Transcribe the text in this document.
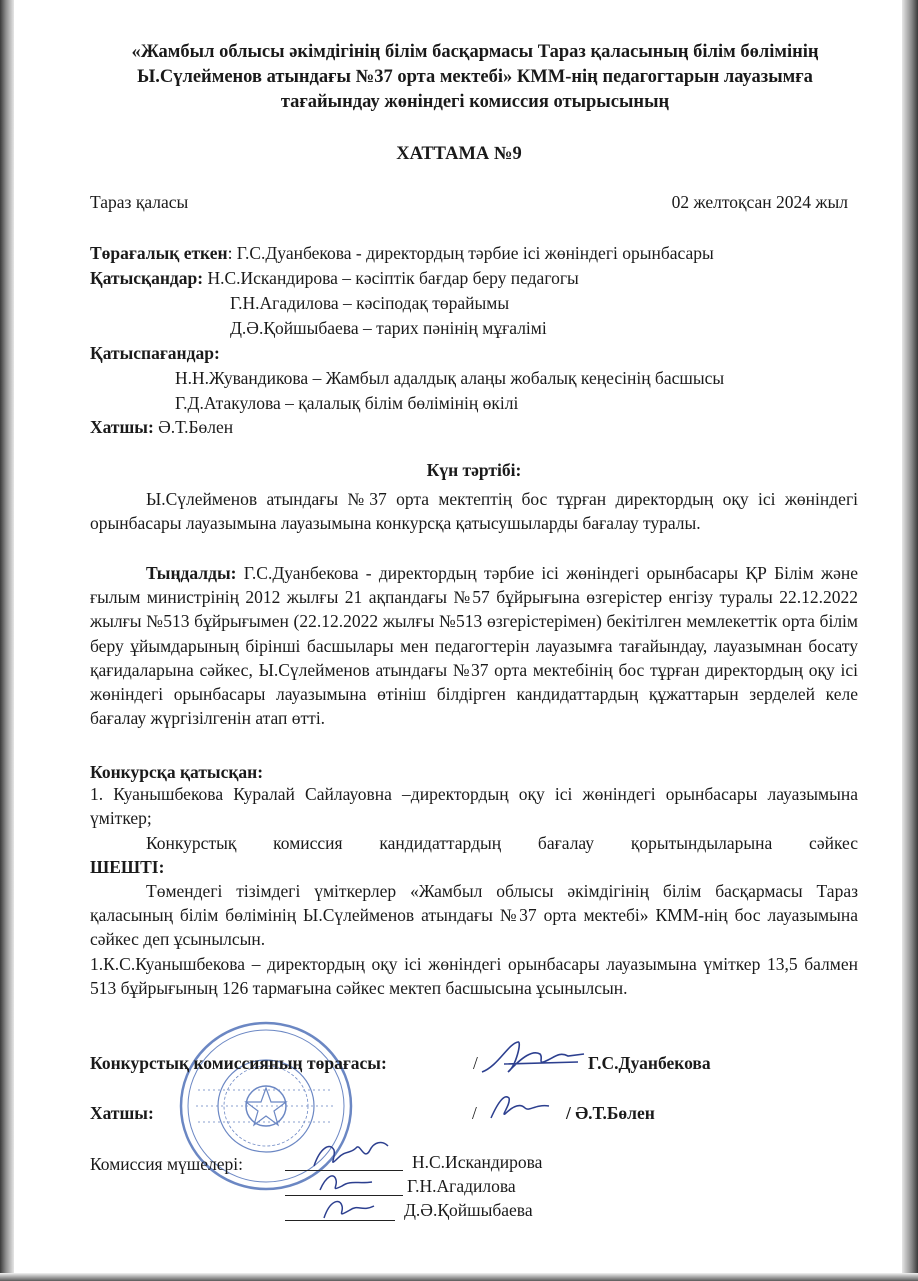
«Жамбыл облысы әкімдігінің білім басқармасы Тараз қаласының білім бөлімінің Ы.Сүлейменов атындағы №37 орта мектебі» КММ-нің педагогтарын лауазымға тағайындау жөніндегі комиссия отырысының

ХАТТАМА №9

Тараз қаласы	02 желтоқсан 2024 жыл

Төрағалық еткен: Г.С.Дуанбекова - директордың тәрбие ісі жөніндегі орынбасары

Қатысқандар: Н.С.Искандирова – кәсіптік бағдар беру педагогы

Г.Н.Агадилова – кәсіподақ төрайымы

Д.Ә.Қойшыбаева – тарих пәнінің мұғалімі

Қатыспағандар:

Н.Н.Жувандикова – Жамбыл адалдық алаңы жобалық кеңесінің басшысы

Г.Д.Атакулова – қалалық білім бөлімінің өкілі

Хатшы: Ә.Т.Бөлен

Күн тәртібі:

Ы.Сүлейменов атындағы №37 орта мектептің бос тұрған директордың оқу ісі жөніндегі орынбасары лауазымына лауазымына конкурсқа қатысушыларды бағалау туралы.

Тыңдалды: Г.С.Дуанбекова - директордың тәрбие ісі жөніндегі орынбасары ҚР Білім және ғылым министрінің 2012 жылғы 21 ақпандағы №57 бұйрығына өзгерістер енгізу туралы 22.12.2022 жылғы №513 бұйрығымен (22.12.2022 жылғы №513 өзгерістерімен) бекітілген мемлекеттік орта білім беру ұйымдарының бірінші басшылары мен педагогтерін лауазымға тағайындау, лауазымнан босату қағидаларына сәйкес, Ы.Сүлейменов атындағы №37 орта мектебінің бос тұрған директордың оқу ісі жөніндегі орынбасары лауазымына өтініш білдірген кандидаттардың құжаттарын зерделей келе бағалау жүргізілгенін атап өтті.

Конкурсқа қатысқан:

1. Куанышбекова Куралай Сайлауовна –директордың оқу ісі жөніндегі орынбасары лауазымына үміткер;

Конкурстық комиссия кандидаттардың бағалау қорытындыларына сәйкес

ШЕШТІ:

Төмендегі тізімдегі үміткерлер «Жамбыл облысы әкімдігінің білім басқармасы Тараз қаласының білім бөлімінің Ы.Сүлейменов атындағы №37 орта мектебі» КММ-нің бос лауазымына сәйкес деп ұсынылсын.

1.К.С.Куанышбекова – директордың оқу ісі жөніндегі орынбасары лауазымына үміткер 13,5 балмен 513 бұйрығының 126 тармағына сәйкес мектеп басшысына ұсынылсын.

Конкурстық комиссияның төрағасы:	/	Г.С.Дуанбекова

Хатшы:	/	/ Ә.Т.Бөлен

Комиссия мүшелері:	Н.С.Искандирова

Г.Н.Агадилова

Д.Ә.Қойшыбаева
